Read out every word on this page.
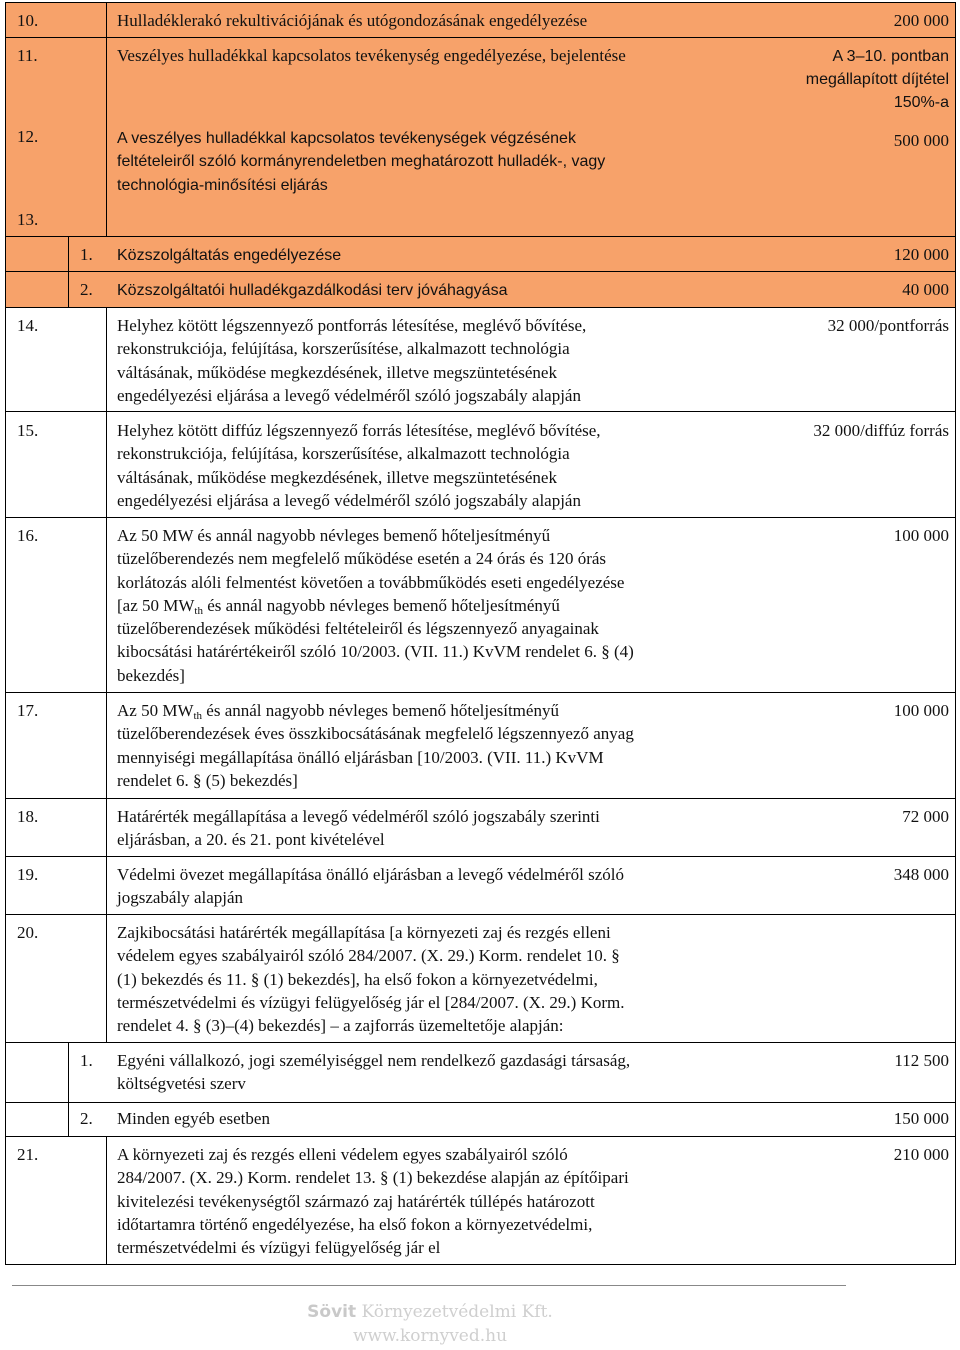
10.	Hulladéklerakó rekultivációjának és utógondozásának engedélyezése	200 000
11.	Veszélyes hulladékkal kapcsolatos tevékenység engedélyezése, bejelentése	A 3–10. pontban
megállapított díjtétel
150%-a
12.	A veszélyes hulladékkal kapcsolatos tevékenységek végzésének
feltételeiről szóló kormányrendeletben meghatározott hulladék-, vagy
technológia-minősítési eljárás
500 000
13.
1. Közszolgáltatás engedélyezése	120 000
2. Közszolgáltatói hulladékgazdálkodási terv jóváhagyása	40 000
14.	Helyhez kötött légszennyező pontforrás létesítése, meglévő bővítése,
rekonstrukciója, felújítása, korszerűsítése, alkalmazott technológia
váltásának, működése megkezdésének, illetve megszüntetésének
engedélyezési eljárása a levegő védelméről szóló jogszabály alapján
32 000/pontforrás
15.	Helyhez kötött diffúz légszennyező forrás létesítése, meglévő bővítése,
rekonstrukciója, felújítása, korszerűsítése, alkalmazott technológia
váltásának, működése megkezdésének, illetve megszüntetésének
engedélyezési eljárása a levegő védelméről szóló jogszabály alapján
32 000/diffúz forrás
16.	Az 50 MW és annál nagyobb névleges bemenő hőteljesítményű
tüzelőberendezés nem megfelelő működése esetén a 24 órás és 120 órás
korlátozás alóli felmentést követően a továbbműködés eseti engedélyezése
[az 50 $MW_{th}$ és annál nagyobb névleges bemenő hőteljesítményű
tüzelőberendezések működési feltételeiről és légszennyező anyagainak
kibocsátási határértékeiről szóló 10/2003. (VII. 11.) KvVM rendelet 6. § (4)
bekezdés]
100 000
17.	Az 50 $MW_{th}$ és annál nagyobb névleges bemenő hőteljesítményű
tüzelőberendezések éves összkibocsátásának megfelelő légszennyező anyag
mennyiségi megállapítása önálló eljárásban [10/2003. (VII. 11.) KvVM
rendelet 6. § (5) bekezdés]
100 000
18.	Határérték megállapítása a levegő védelméről szóló jogszabály szerinti
eljárásban, a 20. és 21. pont kivételével
72 000
19.	Védelmi övezet megállapítása önálló eljárásban a levegő védelméről szóló
jogszabály alapján
348 000
20.	Zajkibocsátási határérték megállapítása [a környezeti zaj és rezgés elleni
védelem egyes szabályairól szóló 284/2007. (X. 29.) Korm. rendelet 10. §
(1) bekezdés és 11. § (1) bekezdés], ha első fokon a környezetvédelmi,
természetvédelmi és vízügyi felügyelőség jár el [284/2007. (X. 29.) Korm.
rendelet 4. § (3)–(4) bekezdés] – a zajforrás üzemeltetője alapján:
1. Egyéni vállalkozó, jogi személyiséggel nem rendelkező gazdasági társaság,
költségvetési szerv
112 500
2. Minden egyéb esetben	150 000
21.	A környezeti zaj és rezgés elleni védelem egyes szabályairól szóló
284/2007. (X. 29.) Korm. rendelet 13. § (1) bekezdése alapján az építőipari
kivitelezési tevékenységtől származó zaj határérték túllépés határozott
időtartamra történő engedélyezése, ha első fokon a környezetvédelmi,
természetvédelmi és vízügyi felügyelőség jár el
210 000
Sövit Környezetvédelmi Kft.
www.kornyved.hu
